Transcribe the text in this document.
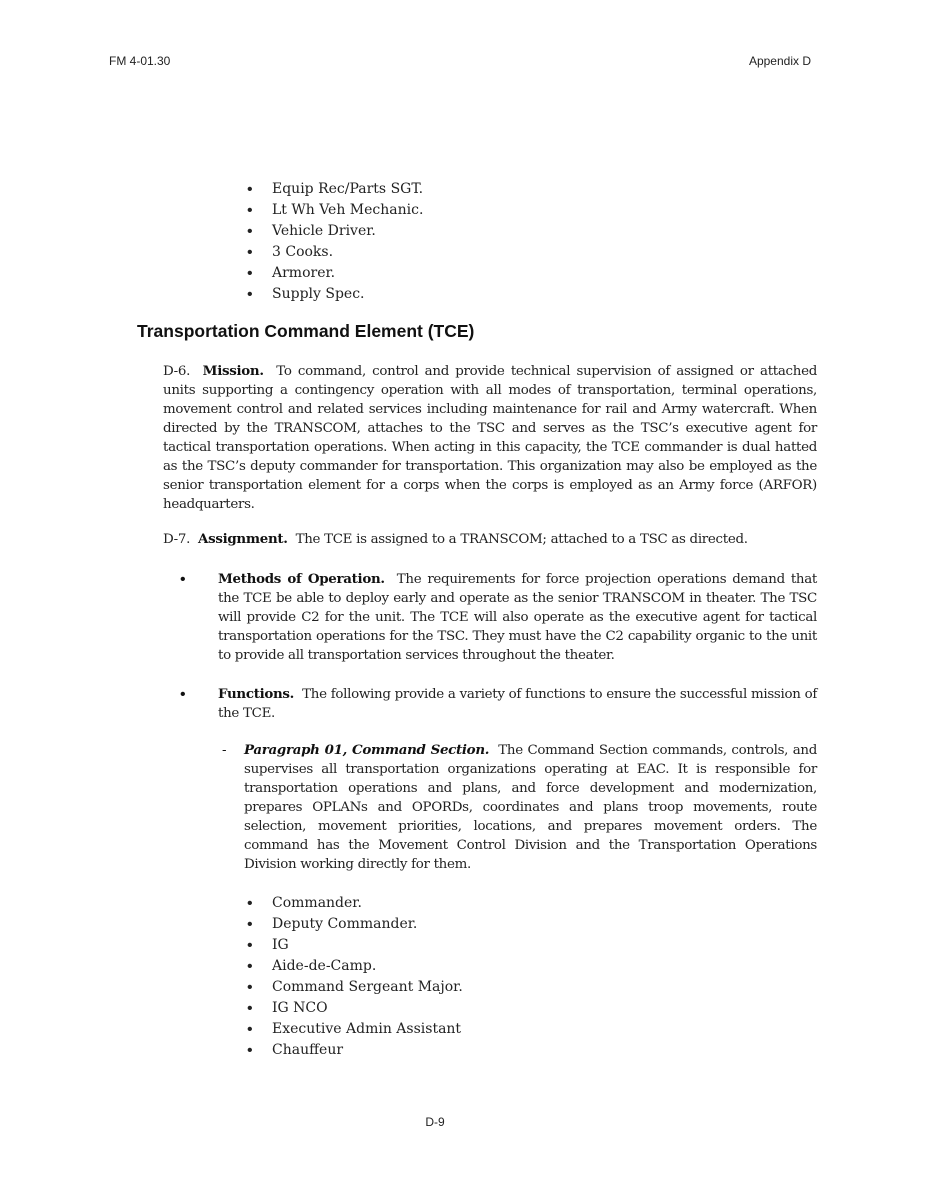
FM 4-01.30	Appendix D
• Equip Rec/Parts SGT.
• Lt Wh Veh Mechanic.
• Vehicle Driver.
• 3 Cooks.
• Armorer.
• Supply Spec.
Transportation Command Element (TCE)

D-6. Mission. To command, control and provide technical supervision of assigned or attached units supporting a contingency operation with all modes of transportation, terminal operations, movement control and related services including maintenance for rail and Army watercraft. When directed by the TRANSCOM, attaches to the TSC and serves as the TSC’s executive agent for tactical transportation operations. When acting in this capacity, the TCE commander is dual hatted as the TSC’s deputy commander for transportation. This organization may also be employed as the senior transportation element for a corps when the corps is employed as an Army force (ARFOR) headquarters.

D-7. Assignment. The TCE is assigned to a TRANSCOM; attached to a TSC as directed.

• Methods of Operation. The requirements for force projection operations demand that the TCE be able to deploy early and operate as the senior TRANSCOM in theater. The TSC will provide C2 for the unit. The TCE will also operate as the executive agent for tactical transportation operations for the TSC. They must have the C2 capability organic to the unit to provide all transportation services throughout the theater.

• Functions. The following provide a variety of functions to ensure the successful mission of the TCE.

- Paragraph 01, Command Section. The Command Section commands, controls, and supervises all transportation organizations operating at EAC. It is responsible for transportation operations and plans, and force development and modernization, prepares OPLANs and OPORDs, coordinates and plans troop movements, route selection, movement priorities, locations, and prepares movement orders. The command has the Movement Control Division and the Transportation Operations Division working directly for them.

• Commander.
• Deputy Commander.
• IG
• Aide-de-Camp.
• Command Sergeant Major.
• IG NCO
• Executive Admin Assistant
• Chauffeur
D-9
